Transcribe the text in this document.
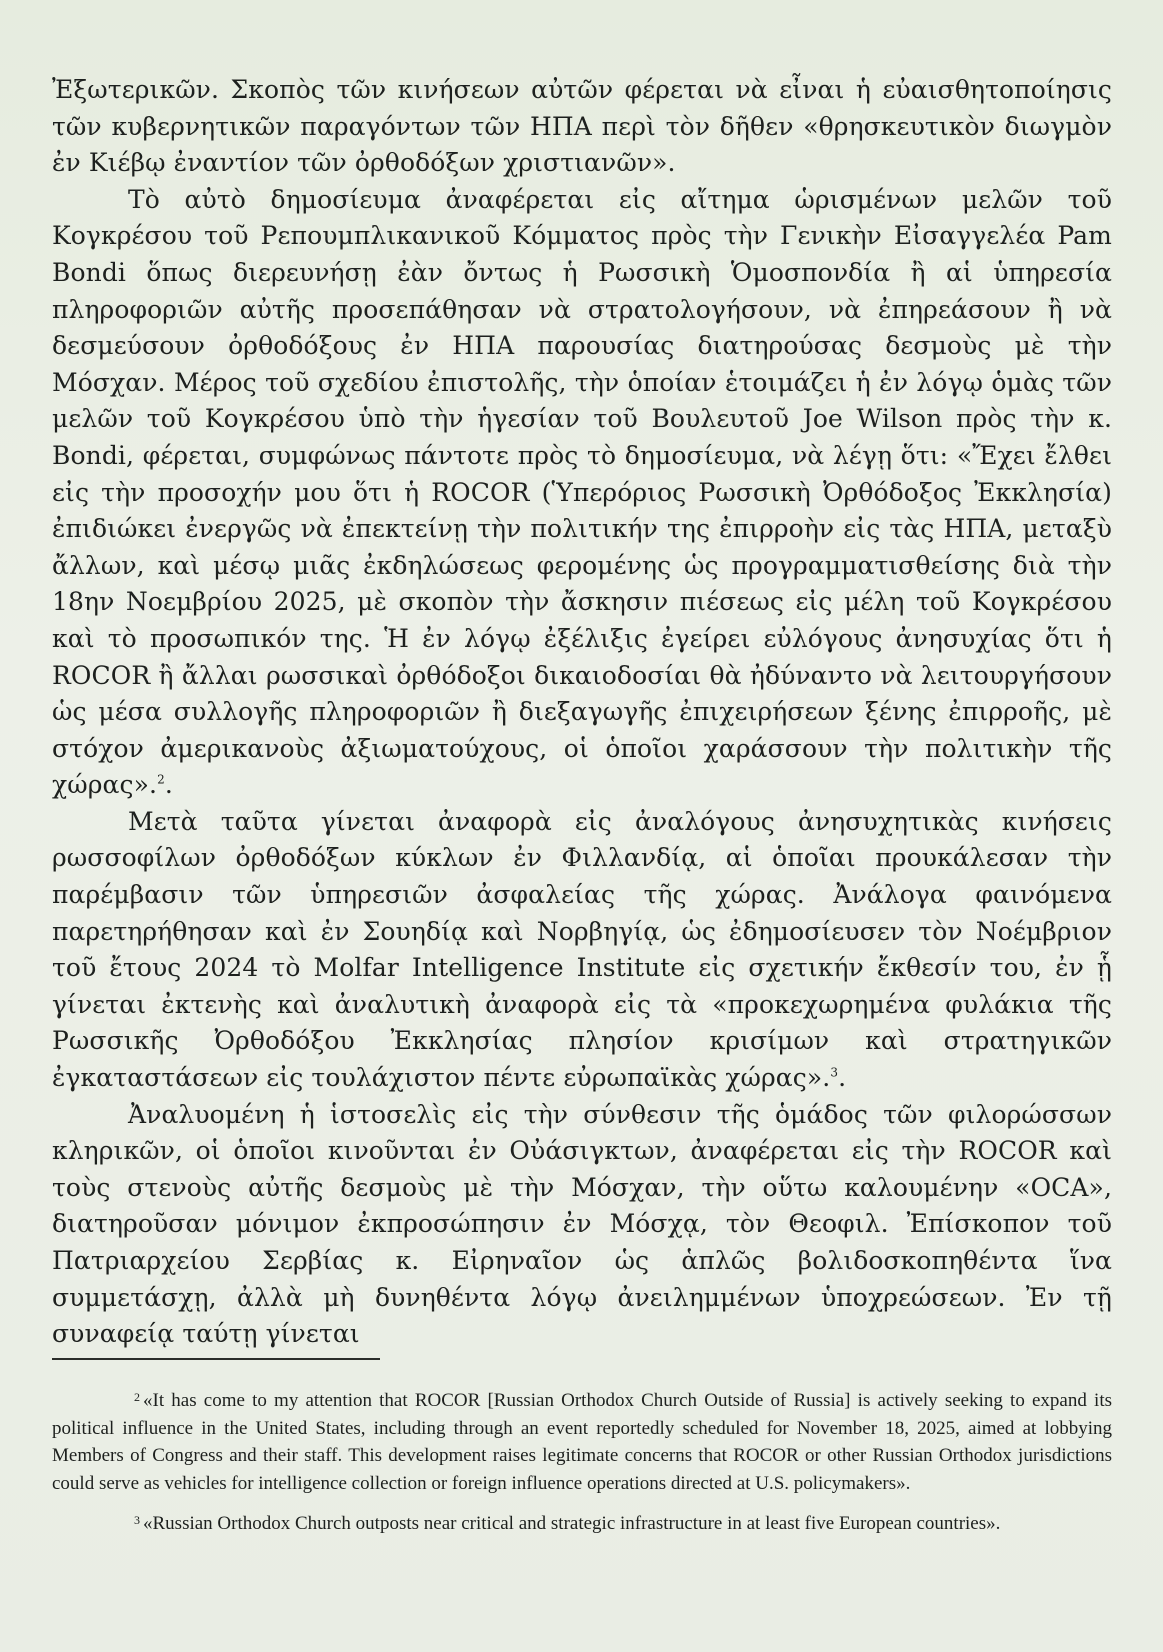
Ἐξωτερικῶν. Σκοπὸς τῶν κινήσεων αὐτῶν φέρεται νὰ εἶναι ἡ εὐαισθητοποίησις τῶν κυβερνητικῶν παραγόντων τῶν ΗΠΑ περὶ τὸν δῆθεν «θρησκευτικὸν διωγμὸν ἐν Κιέβῳ ἐναντίον τῶν ὀρθοδόξων χριστιανῶν».

Τὸ αὐτὸ δημοσίευμα ἀναφέρεται εἰς αἴτημα ὡρισμένων μελῶν τοῦ Κογκρέσου τοῦ Ρεπουμπλικανικοῦ Κόμματος πρὸς τὴν Γενικὴν Εἰσαγγελέα Pam Bondi ὅπως διερευνήσῃ ἐὰν ὄντως ἡ Ρωσσικὴ Ὁμοσπονδία ἢ αἱ ὑπηρεσία πληροφοριῶν αὐτῆς προσεπάθησαν νὰ στρατολογήσουν, νὰ ἐπηρεάσουν ἢ νὰ δεσμεύσουν ὀρθοδόξους ἐν ΗΠΑ παρουσίας διατηρούσας δεσμοὺς μὲ τὴν Μόσχαν. Μέρος τοῦ σχεδίου ἐπιστολῆς, τὴν ὁποίαν ἑτοιμάζει ἡ ἐν λόγῳ ὁμὰς τῶν μελῶν τοῦ Κογκρέσου ὑπὸ τὴν ἡγεσίαν τοῦ Βουλευτοῦ Joe Wilson πρὸς τὴν κ. Bondi, φέρεται, συμφώνως πάντοτε πρὸς τὸ δημοσίευμα, νὰ λέγῃ ὅτι: «Ἔχει ἔλθει εἰς τὴν προσοχήν μου ὅτι ἡ ROCOR (Ὑπερόριος Ρωσσικὴ Ὀρθόδοξος Ἐκκλησία) ἐπιδιώκει ἐνεργῶς νὰ ἐπεκτείνῃ τὴν πολιτικήν της ἐπιρροὴν εἰς τὰς ΗΠΑ, μεταξὺ ἄλλων, καὶ μέσῳ μιᾶς ἐκδηλώσεως φερομένης ὡς προγραμματισθείσης διὰ τὴν 18ην Νοεμβρίου 2025, μὲ σκοπὸν τὴν ἄσκησιν πιέσεως εἰς μέλη τοῦ Κογκρέσου καὶ τὸ προσωπικόν της. Ἡ ἐν λόγῳ ἐξέλιξις ἐγείρει εὐλόγους ἀνησυχίας ὅτι ἡ ROCOR ἢ ἄλλαι ρωσσικαὶ ὀρθόδοξοι δικαιοδοσίαι θὰ ἠδύναντο νὰ λειτουργήσουν ὡς μέσα συλλογῆς πληροφοριῶν ἢ διεξαγωγῆς ἐπιχειρήσεων ξένης ἐπιρροῆς, μὲ στόχον ἀμερικανοὺς ἀξιωματούχους, οἱ ὁποῖοι χαράσσουν τὴν πολιτικὴν τῆς χώρας».$^2$.

Μετὰ ταῦτα γίνεται ἀναφορὰ εἰς ἀναλόγους ἀνησυχητικὰς κινήσεις ρωσσοφίλων ὀρθοδόξων κύκλων ἐν Φιλλανδίᾳ, αἱ ὁποῖαι προυκάλεσαν τὴν παρέμβασιν τῶν ὑπηρεσιῶν ἀσφαλείας τῆς χώρας. Ἀνάλογα φαινόμενα παρετηρήθησαν καὶ ἐν Σουηδίᾳ καὶ Νορβηγίᾳ, ὡς ἐδημοσίευσεν τὸν Νοέμβριον τοῦ ἔτους 2024 τὸ Molfar Intelligence Institute εἰς σχετικήν ἔκθεσίν του, ἐν ᾗ γίνεται ἐκτενὴς καὶ ἀναλυτικὴ ἀναφορὰ εἰς τὰ «προκεχωρημένα φυλάκια τῆς Ρωσσικῆς Ὀρθοδόξου Ἐκκλησίας πλησίον κρισίμων καὶ στρατηγικῶν ἐγκαταστάσεων εἰς τουλάχιστον πέντε εὐρωπαϊκὰς χώρας».$^3$.

Ἀναλυομένη ἡ ἱστοσελὶς εἰς τὴν σύνθεσιν τῆς ὁμάδος τῶν φιλορώσσων κληρικῶν, οἱ ὁποῖοι κινοῦνται ἐν Οὐάσιγκτων, ἀναφέρεται εἰς τὴν ROCOR καὶ τοὺς στενοὺς αὐτῆς δεσμοὺς μὲ τὴν Μόσχαν, τὴν οὕτω καλουμένην «OCA», διατηροῦσαν μόνιμον ἐκπροσώπησιν ἐν Μόσχᾳ, τὸν Θεοφιλ. Ἐπίσκοπον τοῦ Πατριαρχείου Σερβίας κ. Εἰρηναῖον ὡς ἁπλῶς βολιδοσκοπηθέντα ἵνα συμμετάσχῃ, ἀλλὰ μὴ δυνηθέντα λόγῳ ἀνειλημμένων ὑποχρεώσεων. Ἐν τῇ συναφείᾳ ταύτῃ γίνεται

$^2$ «It has come to my attention that ROCOR [Russian Orthodox Church Outside of Russia] is actively seeking to expand its political influence in the United States, including through an event reportedly scheduled for November 18, 2025, aimed at lobbying Members of Congress and their staff. This development raises legitimate concerns that ROCOR or other Russian Orthodox jurisdictions could serve as vehicles for intelligence collection or foreign influence operations directed at U.S. policymakers».

$^3$ «Russian Orthodox Church outposts near critical and strategic infrastructure in at least five European countries».
